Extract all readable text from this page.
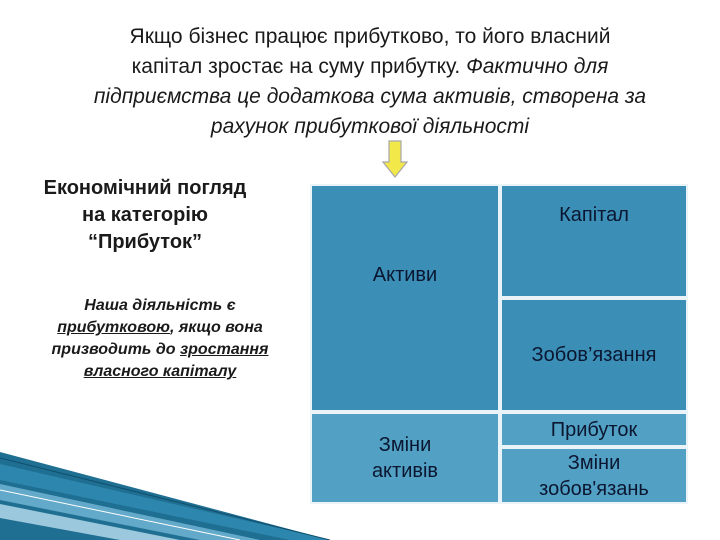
Якщо бізнес працює прибутково, то його власний
капітал зростає на суму прибутку. Фактично для
підприємства це додаткова сума активів, створена за
рахунок прибуткової діяльності
Економічний погляд
на категорію
“Прибуток”
Наша діяльність є прибутковою, якщо вона призводить до зростання власного капіталу
Активи
Капітал
Зобов’язання
Зміни
активів
Прибуток
Зміни
зобов'язань
